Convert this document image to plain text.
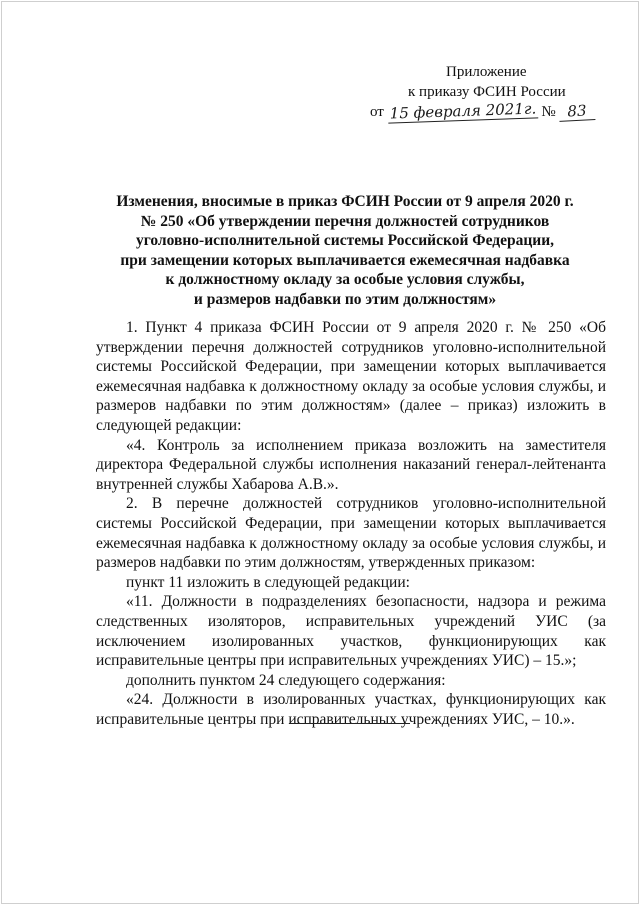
Приложение
к приказу ФСИН России
от 15 февраля 2021г. № 83
Изменения, вносимые в приказ ФСИН России от 9 апреля 2020 г.
№ 250 «Об утверждении перечня должностей сотрудников
уголовно-исполнительной системы Российской Федерации,
при замещении которых выплачивается ежемесячная надбавка
к должностному окладу за особые условия службы,
и размеров надбавки по этим должностям»

1. Пункт 4 приказа ФСИН России от 9 апреля 2020 г. № 250 «Об утверждении перечня должностей сотрудников уголовно-исполнительной системы Российской Федерации, при замещении которых выплачивается ежемесячная надбавка к должностному окладу за особые условия службы, и размеров надбавки по этим должностям» (далее – приказ) изложить в следующей редакции:

«4. Контроль за исполнением приказа возложить на заместителя директора Федеральной службы исполнения наказаний генерал-лейтенанта внутренней службы Хабарова А.В.».

2. В перечне должностей сотрудников уголовно-исполнительной системы Российской Федерации, при замещении которых выплачивается ежемесячная надбавка к должностному окладу за особые условия службы, и размеров надбавки по этим должностям, утвержденных приказом:

пункт 11 изложить в следующей редакции:

«11. Должности в подразделениях безопасности, надзора и режима следственных изоляторов, исправительных учреждений УИС (за исключением изолированных участков, функционирующих как исправительные центры при исправительных учреждениях УИС) – 15.»;

дополнить пунктом 24 следующего содержания:

«24. Должности в изолированных участках, функционирующих как исправительные центры при исправительных учреждениях УИС, – 10.».
